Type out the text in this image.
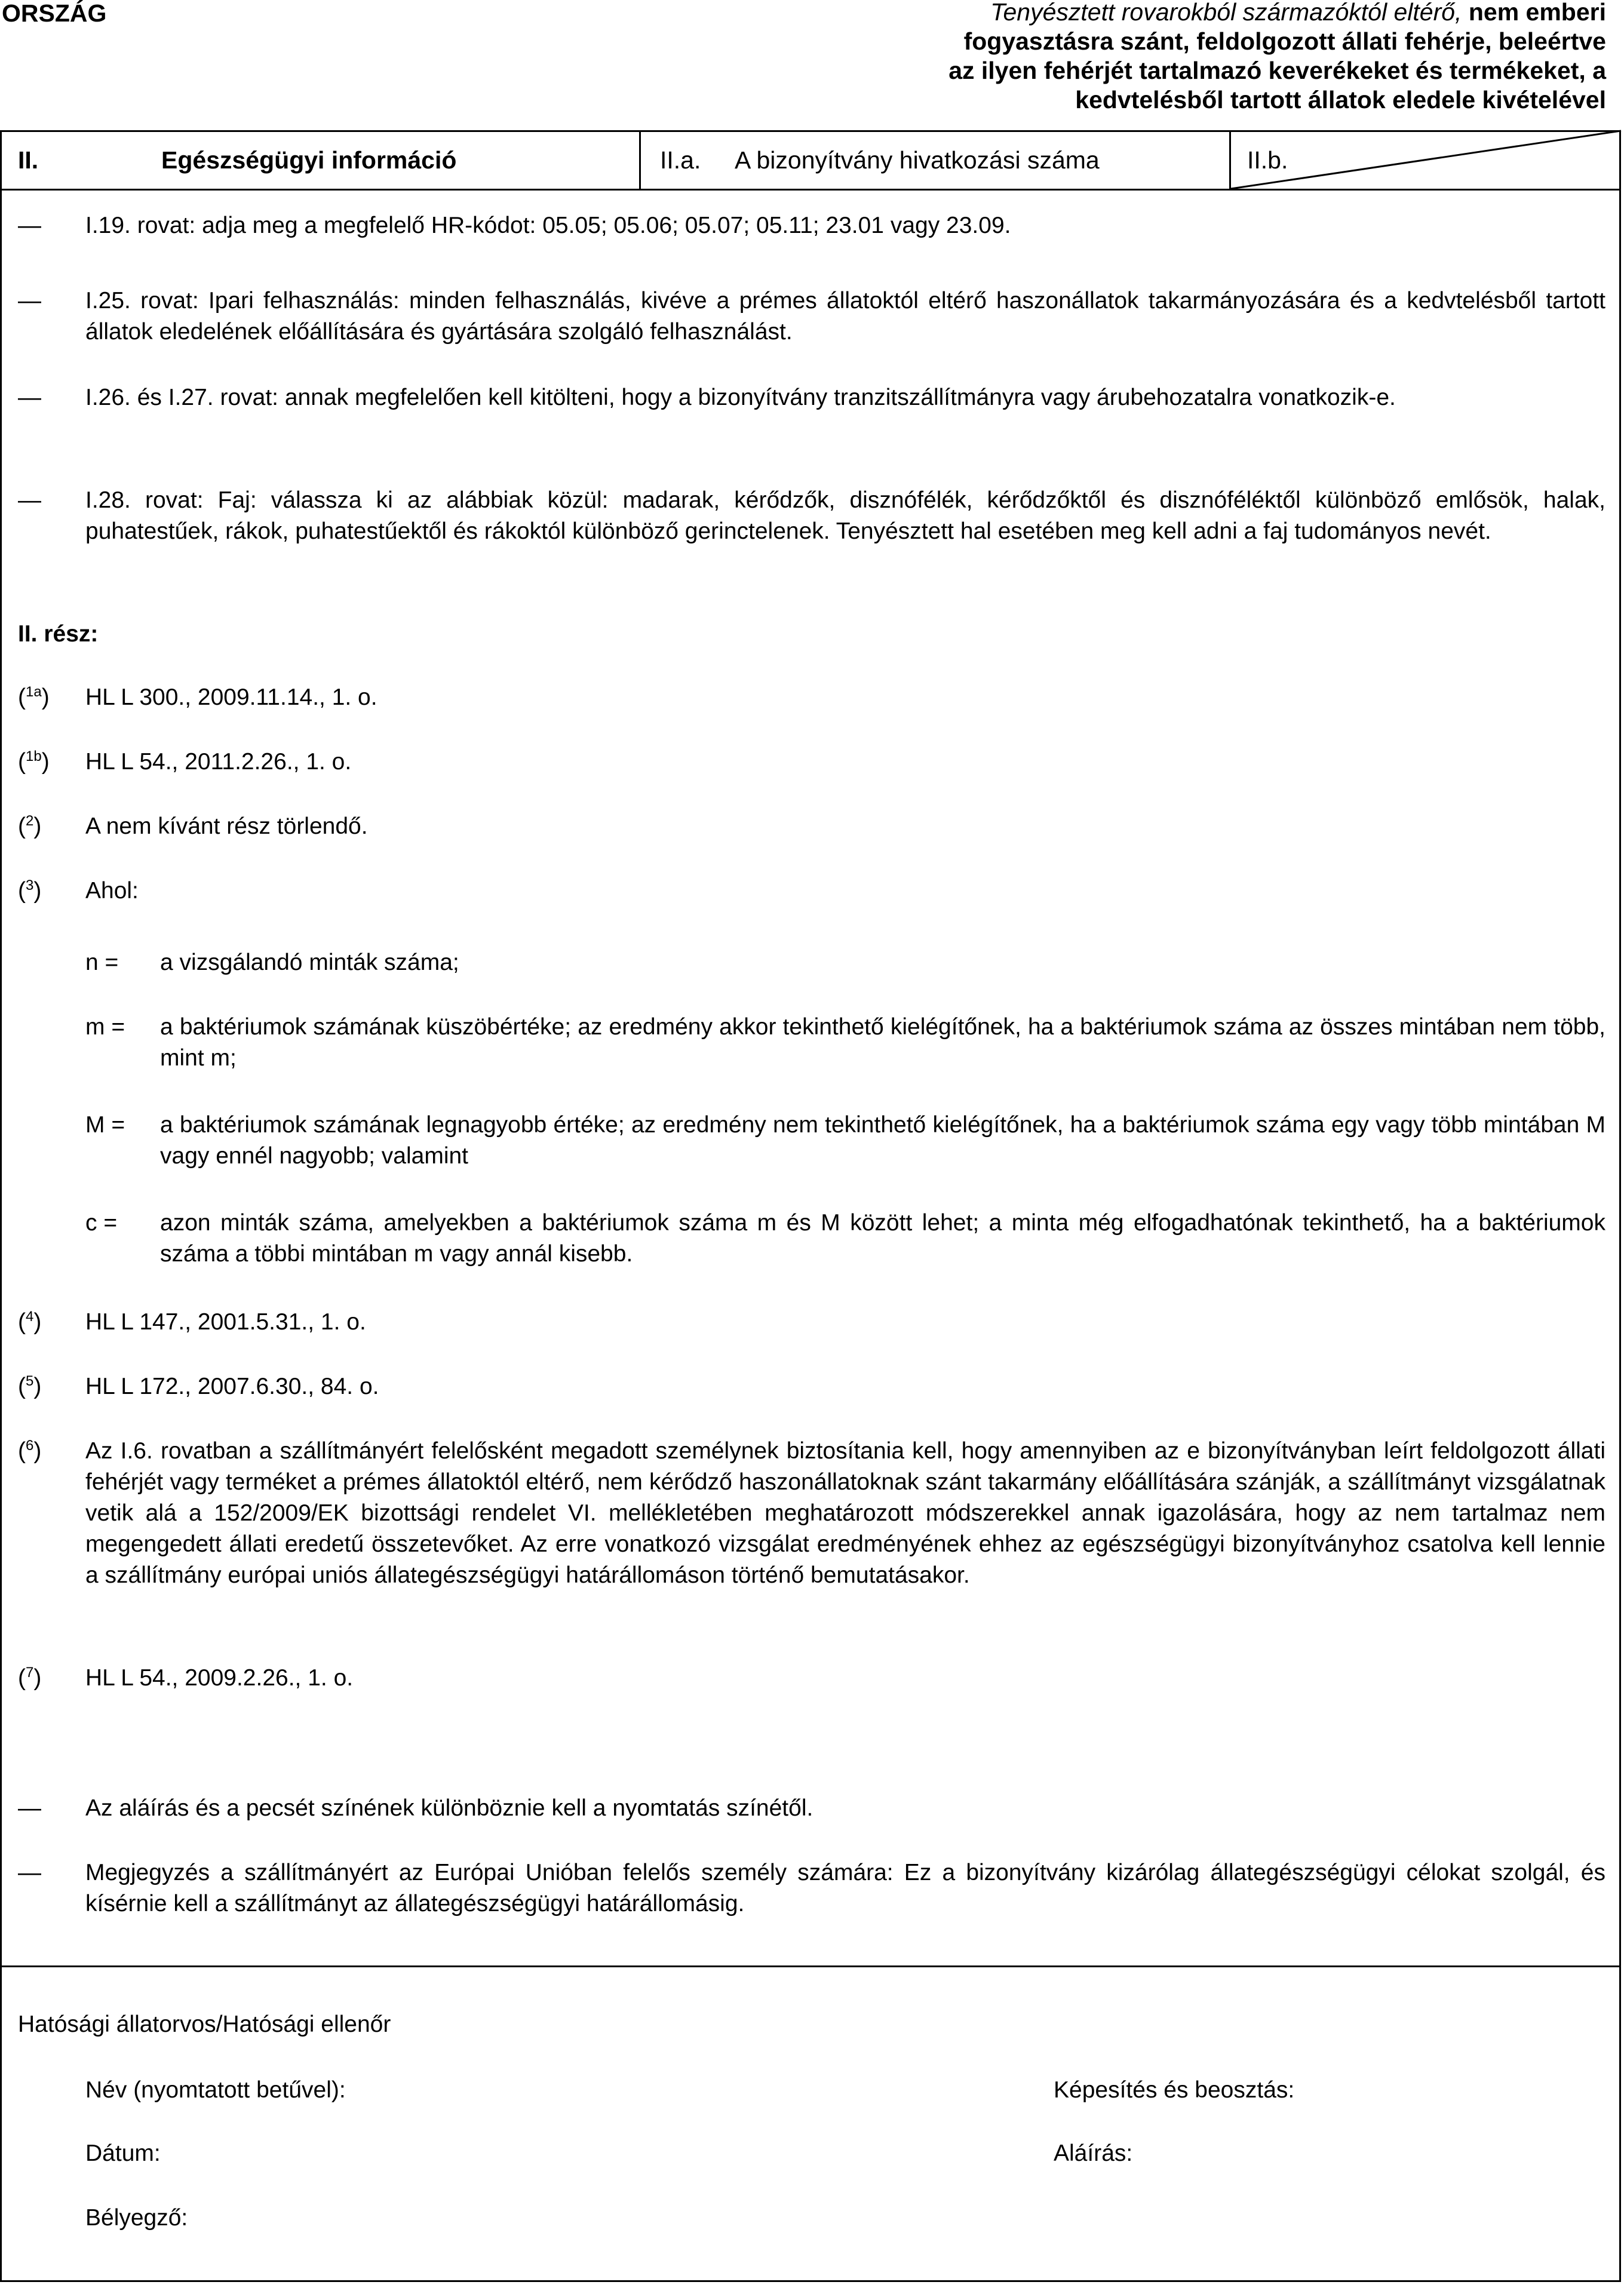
ORSZÁG	Tenyésztett rovarokból származóktól eltérő, nem emberi
fogyasztásra szánt, feldolgozott állati fehérje, beleértve
az ilyen fehérjét tartalmazó keverékeket és termékeket, a
kedvtelésből tartott állatok eledele kivételével
II.	Egészségügyi információ	II.a. A bizonyítvány hivatkozási száma	II.b.
—	I.19. rovat: adja meg a megfelelő HR-kódot: 05.05; 05.06; 05.07; 05.11; 23.01 vagy 23.09.
—	I.25. rovat: Ipari felhasználás: minden felhasználás, kivéve a prémes állatoktól eltérő haszonállatok takarmányozására és a kedvtelésből tartott állatok eledelének előállítására és gyártására szolgáló felhasználást.
—	I.26. és I.27. rovat: annak megfelelően kell kitölteni, hogy a bizonyítvány tranzitszállítmányra vagy árubehozatalra vonatkozik-e.
—	I.28. rovat: Faj: válassza ki az alábbiak közül: madarak, kérődzők, disznófélék, kérődzőktől és disznóféléktől különböző emlősök, halak, puhatestűek, rákok, puhatestűektől és rákoktól különböző gerinctelenek. Tenyésztett hal esetében meg kell adni a faj tudományos nevét.
II. rész:
($^{1a}$)	HL L 300., 2009.11.14., 1. o.
($^{1b}$)	HL L 54., 2011.2.26., 1. o.
($^2$)	A nem kívánt rész törlendő.
($^3$)	Ahol:
n =	a vizsgálandó minták száma;
m =	a baktériumok számának küszöbértéke; az eredmény akkor tekinthető kielégítőnek, ha a baktériumok száma az összes mintában nem több, mint m;
M =	a baktériumok számának legnagyobb értéke; az eredmény nem tekinthető kielégítőnek, ha a baktériumok száma egy vagy több mintában M vagy ennél nagyobb; valamint
c =	azon minták száma, amelyekben a baktériumok száma m és M között lehet; a minta még elfogadhatónak tekinthető, ha a baktériumok száma a többi mintában m vagy annál kisebb.
($^4$)	HL L 147., 2001.5.31., 1. o.
($^5$)	HL L 172., 2007.6.30., 84. o.
($^6$)	Az I.6. rovatban a szállítmányért felelősként megadott személynek biztosítania kell, hogy amennyiben az e bizonyítványban leírt feldolgozott állati fehérjét vagy terméket a prémes állatoktól eltérő, nem kérődző haszonállatoknak szánt takarmány előállítására szánják, a szállítmányt vizsgálatnak vetik alá a 152/2009/EK bizottsági rendelet VI. mellékletében meghatározott módszerekkel annak igazolására, hogy az nem tartalmaz nem megengedett állati eredetű összetevőket. Az erre vonatkozó vizsgálat eredményének ehhez az egészségügyi bizonyítványhoz csatolva kell lennie a szállítmány európai uniós állategészségügyi határállomáson történő bemutatásakor.
($^7$)	HL L 54., 2009.2.26., 1. o.
—	Az aláírás és a pecsét színének különböznie kell a nyomtatás színétől.
—	Megjegyzés a szállítmányért az Európai Unióban felelős személy számára: Ez a bizonyítvány kizárólag állategészségügyi célokat szolgál, és kísérnie kell a szállítmányt az állategészségügyi határállomásig.
Hatósági állatorvos/Hatósági ellenőr
Név (nyomtatott betűvel):	Képesítés és beosztás:
Dátum:	Aláírás:
Bélyegző:
